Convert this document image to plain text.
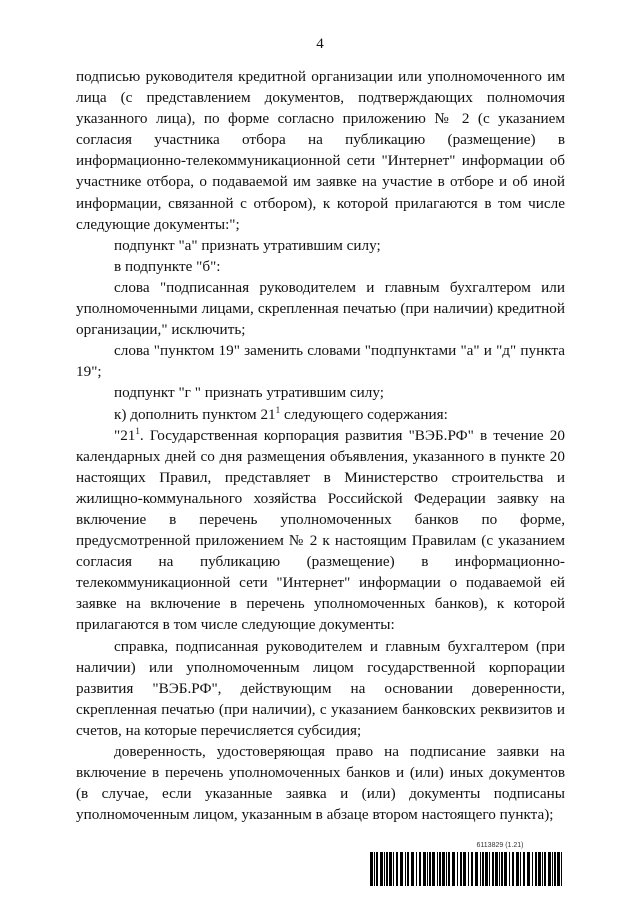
4

подписью руководителя кредитной организации или уполномоченного им лица (с представлением документов, подтверждающих полномочия указанного лица), по форме согласно приложению № 2 (с указанием согласия участника отбора на публикацию (размещение) в информационно-телекоммуникационной сети "Интернет" информации об участнике отбора, о подаваемой им заявке на участие в отборе и об иной информации, связанной с отбором), к которой прилагаются в том числе следующие документы:";

подпункт "а" признать утратившим силу;

в подпункте "б":

слова "подписанная руководителем и главным бухгалтером или уполномоченными лицами, скрепленная печатью (при наличии) кредитной организации," исключить;

слова "пунктом 19" заменить словами "подпунктами "а" и "д" пункта 19";

подпункт "г " признать утратившим силу;

к) дополнить пунктом $21^1$ следующего содержания:

"$21^1$. Государственная корпорация развития "ВЭБ.РФ" в течение 20 календарных дней со дня размещения объявления, указанного в пункте 20 настоящих Правил, представляет в Министерство строительства и жилищно-коммунального хозяйства Российской Федерации заявку на включение в перечень уполномоченных банков по форме, предусмотренной приложением № 2 к настоящим Правилам (с указанием согласия на публикацию (размещение) в информационно-телекоммуникационной сети "Интернет" информации о подаваемой ей заявке на включение в перечень уполномоченных банков), к которой прилагаются в том числе следующие документы:

справка, подписанная руководителем и главным бухгалтером (при наличии) или уполномоченным лицом государственной корпорации развития "ВЭБ.РФ", действующим на основании доверенности, скрепленная печатью (при наличии), с указанием банковских реквизитов и счетов, на которые перечисляется субсидия;

доверенность, удостоверяющая право на подписание заявки на включение в перечень уполномоченных банков и (или) иных документов (в случае, если указанные заявка и (или) документы подписаны уполномоченным лицом, указанным в абзаце втором настоящего пункта);

6113829 (1.21)
